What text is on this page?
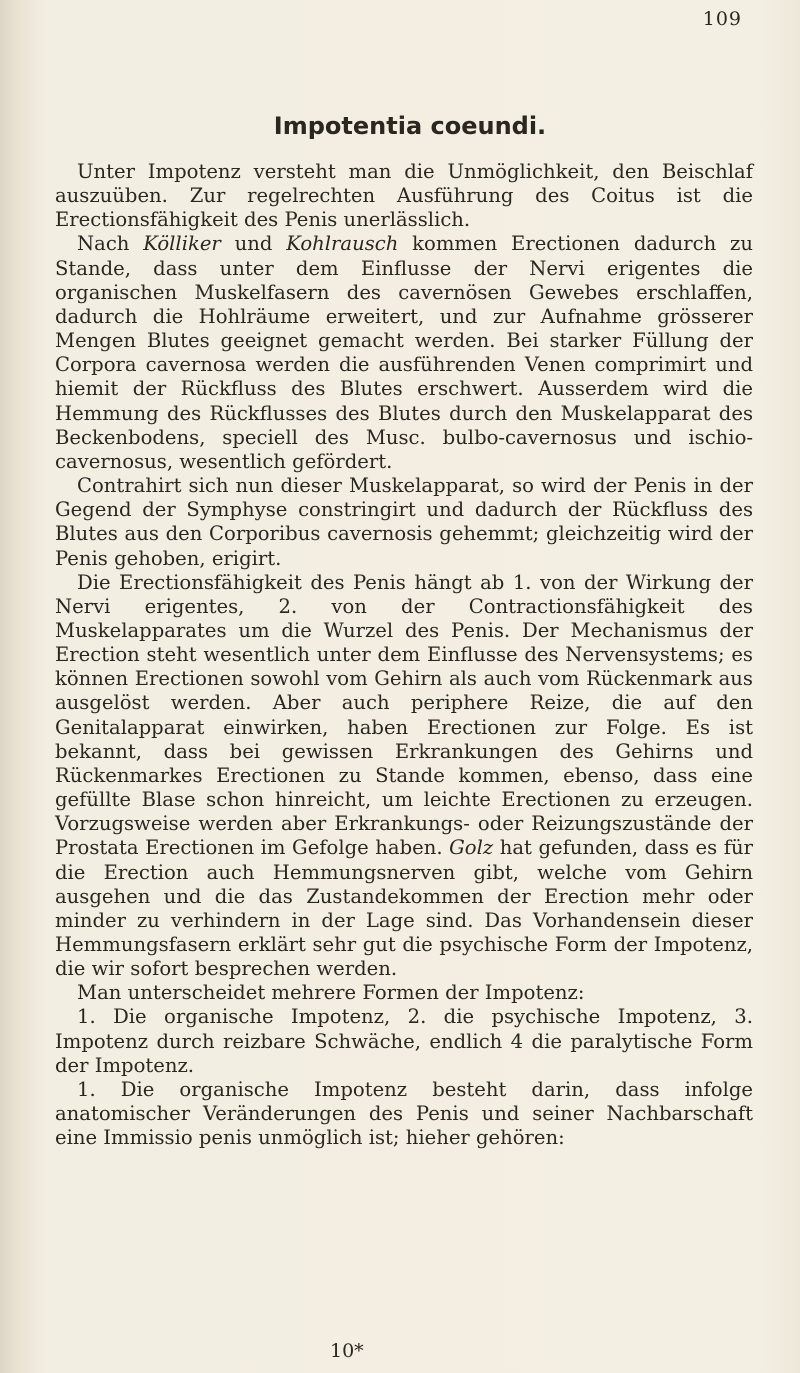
109
Impotentia coeundi.

Unter Impotenz versteht man die Unmöglichkeit, den Beischlaf auszuüben. Zur regelrechten Ausführung des Coitus ist die Erectionsfähigkeit des Penis unerlässlich.

Nach Kölliker und Kohlrausch kommen Erectionen dadurch zu Stande, dass unter dem Einflusse der Nervi erigentes die organischen Muskelfasern des cavernösen Gewebes erschlaffen, dadurch die Hohlräume erweitert, und zur Aufnahme grösserer Mengen Blutes geeignet gemacht werden. Bei starker Füllung der Corpora cavernosa werden die ausführenden Venen comprimirt und hiemit der Rückfluss des Blutes erschwert. Ausserdem wird die Hemmung des Rückflusses des Blutes durch den Muskelapparat des Beckenbodens, speciell des Musc. bulbo-cavernosus und ischio-cavernosus, wesentlich gefördert.

Contrahirt sich nun dieser Muskelapparat, so wird der Penis in der Gegend der Symphyse constringirt und dadurch der Rückfluss des Blutes aus den Corporibus cavernosis gehemmt; gleichzeitig wird der Penis gehoben, erigirt.

Die Erectionsfähigkeit des Penis hängt ab 1. von der Wirkung der Nervi erigentes, 2. von der Contractionsfähigkeit des Muskelapparates um die Wurzel des Penis. Der Mechanismus der Erection steht wesentlich unter dem Einflusse des Nervensystems; es können Erectionen sowohl vom Gehirn als auch vom Rückenmark aus ausgelöst werden. Aber auch periphere Reize, die auf den Genitalapparat einwirken, haben Erectionen zur Folge. Es ist bekannt, dass bei gewissen Erkrankungen des Gehirns und Rückenmarkes Erectionen zu Stande kommen, ebenso, dass eine gefüllte Blase schon hinreicht, um leichte Erectionen zu erzeugen. Vorzugsweise werden aber Erkrankungs- oder Reizungszustände der Prostata Erectionen im Gefolge haben. Golz hat gefunden, dass es für die Erection auch Hemmungsnerven gibt, welche vom Gehirn ausgehen und die das Zustandekommen der Erection mehr oder minder zu verhindern in der Lage sind. Das Vorhandensein dieser Hemmungsfasern erklärt sehr gut die psychische Form der Impotenz, die wir sofort besprechen werden.

Man unterscheidet mehrere Formen der Impotenz:

1. Die organische Impotenz, 2. die psychische Impotenz, 3. Impotenz durch reizbare Schwäche, endlich 4 die paralytische Form der Impotenz.

1. Die organische Impotenz besteht darin, dass infolge anatomischer Veränderungen des Penis und seiner Nachbarschaft eine Immissio penis unmöglich ist; hieher gehören:

10*
